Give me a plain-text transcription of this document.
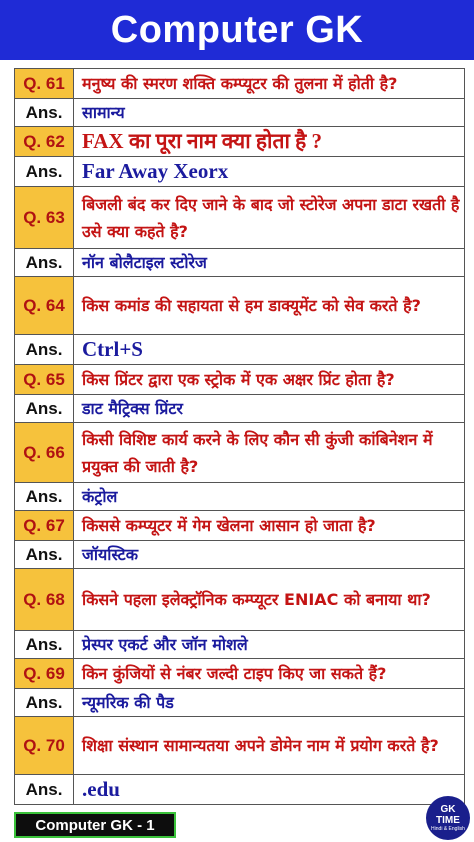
Computer GK
Q. 61	मनुष्य की स्मरण शक्ति कम्प्यूटर की तुलना में होती है?
Ans.	सामान्य
Q. 62	FAX का पूरा नाम क्या होता है ?
Ans.	Far Away Xeorx
Q. 63	बिजली बंद कर दिए जाने के बाद जो स्टोरेज अपना डाटा रखती है उसे क्या कहते है?
Ans.	नॉन बोलैटाइल स्टोरेज
Q. 64	किस कमांड की सहायता से हम डाक्यूमेंट को सेव करते है?
Ans.	Ctrl+S
Q. 65	किस प्रिंटर द्वारा एक स्ट्रोक में एक अक्षर प्रिंट होता है?
Ans.	डाट मैट्रिक्स प्रिंटर
Q. 66	किसी विशिष्ट कार्य करने के लिए कौन सी कुंजी कांबिनेशन में प्रयुक्त की जाती है?
Ans.	कंट्रोल
Q. 67	किससे कम्प्यूटर में गेम खेलना आसान हो जाता है?
Ans.	जॉयस्टिक
Q. 68	किसने पहला इलेक्ट्रॉनिक कम्प्यूटर ENIAC को बनाया था?
Ans.	प्रेस्पर एकर्ट और जॉन मोशले
Q. 69	किन कुंजियों से नंबर जल्दी टाइप किए जा सकते हैं?
Ans.	न्यूमरिक की पैड
Q. 70	शिक्षा संस्थान सामान्यतया अपने डोमेन नाम में प्रयोग करते है?
Ans.	.edu
Computer GK - 1
GK
TIME
Hindi & English
